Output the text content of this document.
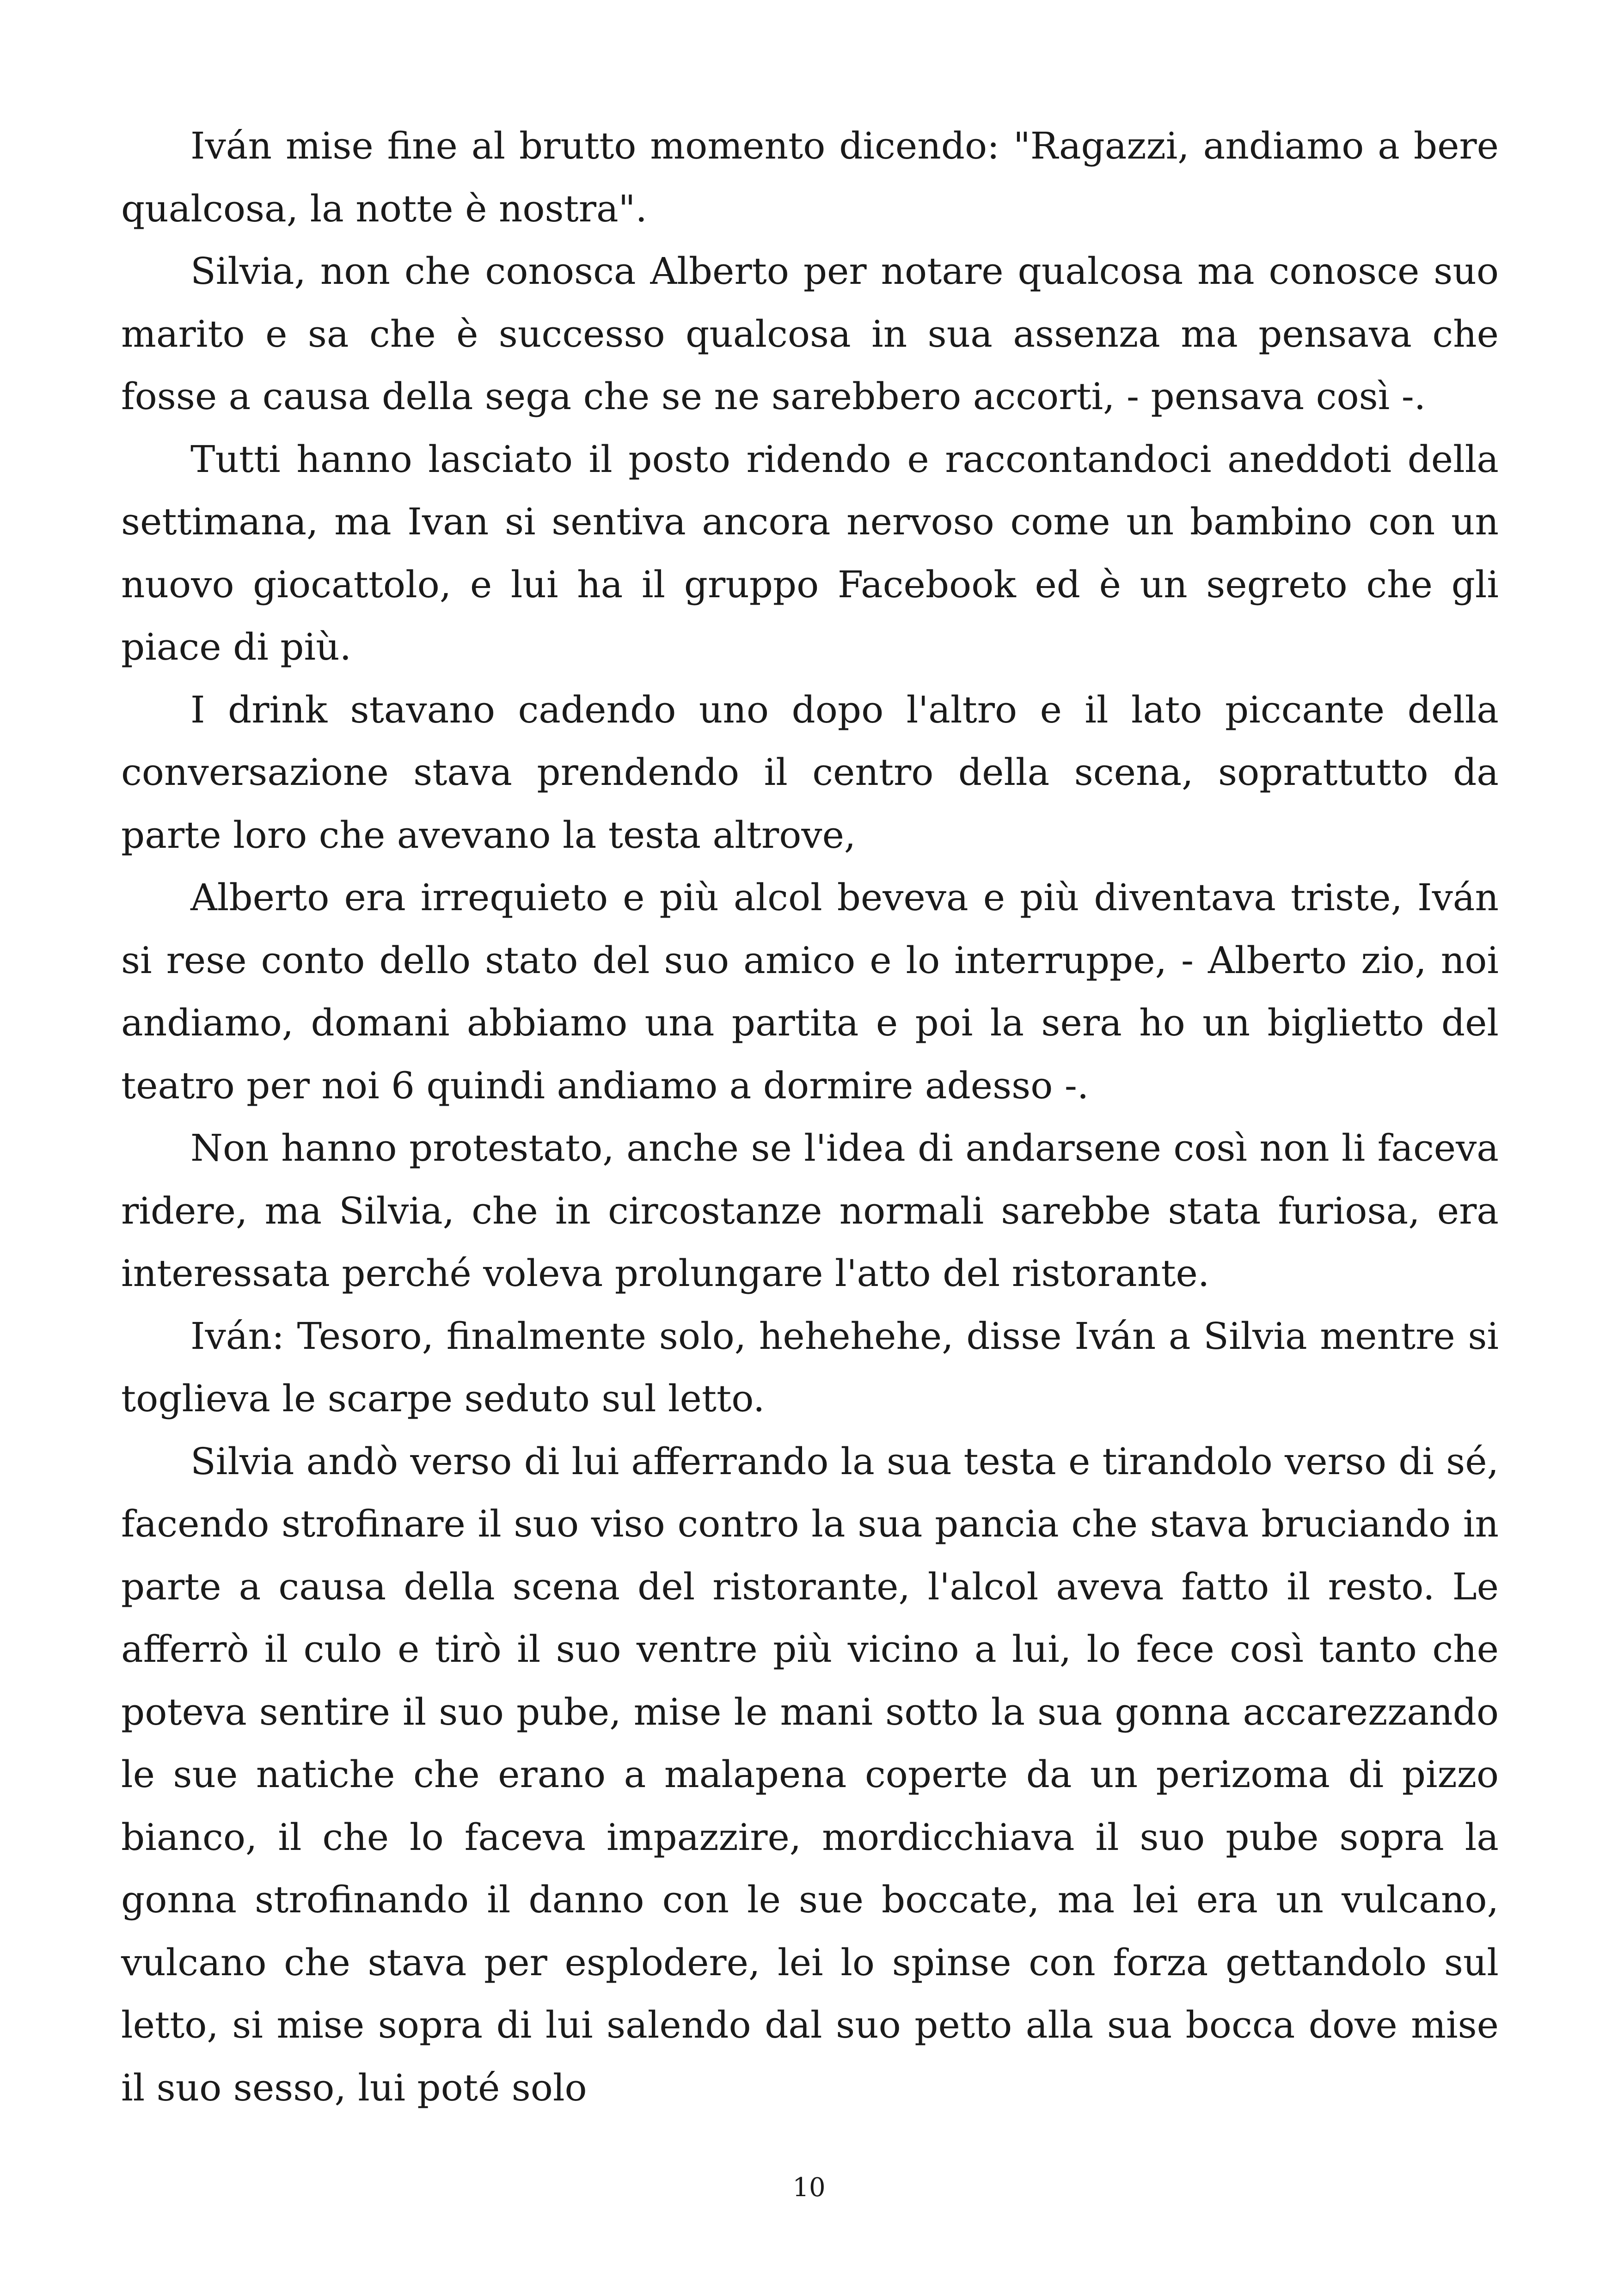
Iván mise fine al brutto momento dicendo: "Ragazzi, andiamo a bere qualcosa, la notte è nostra".

Silvia, non che conosca Alberto per notare qualcosa ma conosce suo marito e sa che è successo qualcosa in sua assenza ma pensava che fosse a causa della sega che se ne sarebbero accorti, - pensava così -.

Tutti hanno lasciato il posto ridendo e raccontandoci aneddoti della settimana, ma Ivan si sentiva ancora nervoso come un bambino con un nuovo giocattolo, e lui ha il gruppo Facebook ed è un segreto che gli piace di più.

I drink stavano cadendo uno dopo l'altro e il lato piccante della conversazione stava prendendo il centro della scena, soprattutto da parte loro che avevano la testa altrove,

Alberto era irrequieto e più alcol beveva e più diventava triste, Iván si rese conto dello stato del suo amico e lo interruppe, - Alberto zio, noi andiamo, domani abbiamo una partita e poi la sera ho un biglietto del teatro per noi 6 quindi andiamo a dormire adesso -.

Non hanno protestato, anche se l'idea di andarsene così non li faceva ridere, ma Silvia, che in circostanze normali sarebbe stata furiosa, era interessata perché voleva prolungare l'atto del ristorante.

Iván: Tesoro, finalmente solo, hehehehe, disse Iván a Silvia mentre si toglieva le scarpe seduto sul letto.

Silvia andò verso di lui afferrando la sua testa e tirandolo verso di sé, facendo strofinare il suo viso contro la sua pancia che stava bruciando in parte a causa della scena del ristorante, l'alcol aveva fatto il resto. Le afferrò il culo e tirò il suo ventre più vicino a lui, lo fece così tanto che poteva sentire il suo pube, mise le mani sotto la sua gonna accarezzando le sue natiche che erano a malapena coperte da un perizoma di pizzo bianco, il che lo faceva impazzire, mordicchiava il suo pube sopra la gonna strofinando il danno con le sue boccate, ma lei era un vulcano, vulcano che stava per esplodere, lei lo spinse con forza gettandolo sul letto, si mise sopra di lui salendo dal suo petto alla sua bocca dove mise il suo sesso, lui poté solo

10
